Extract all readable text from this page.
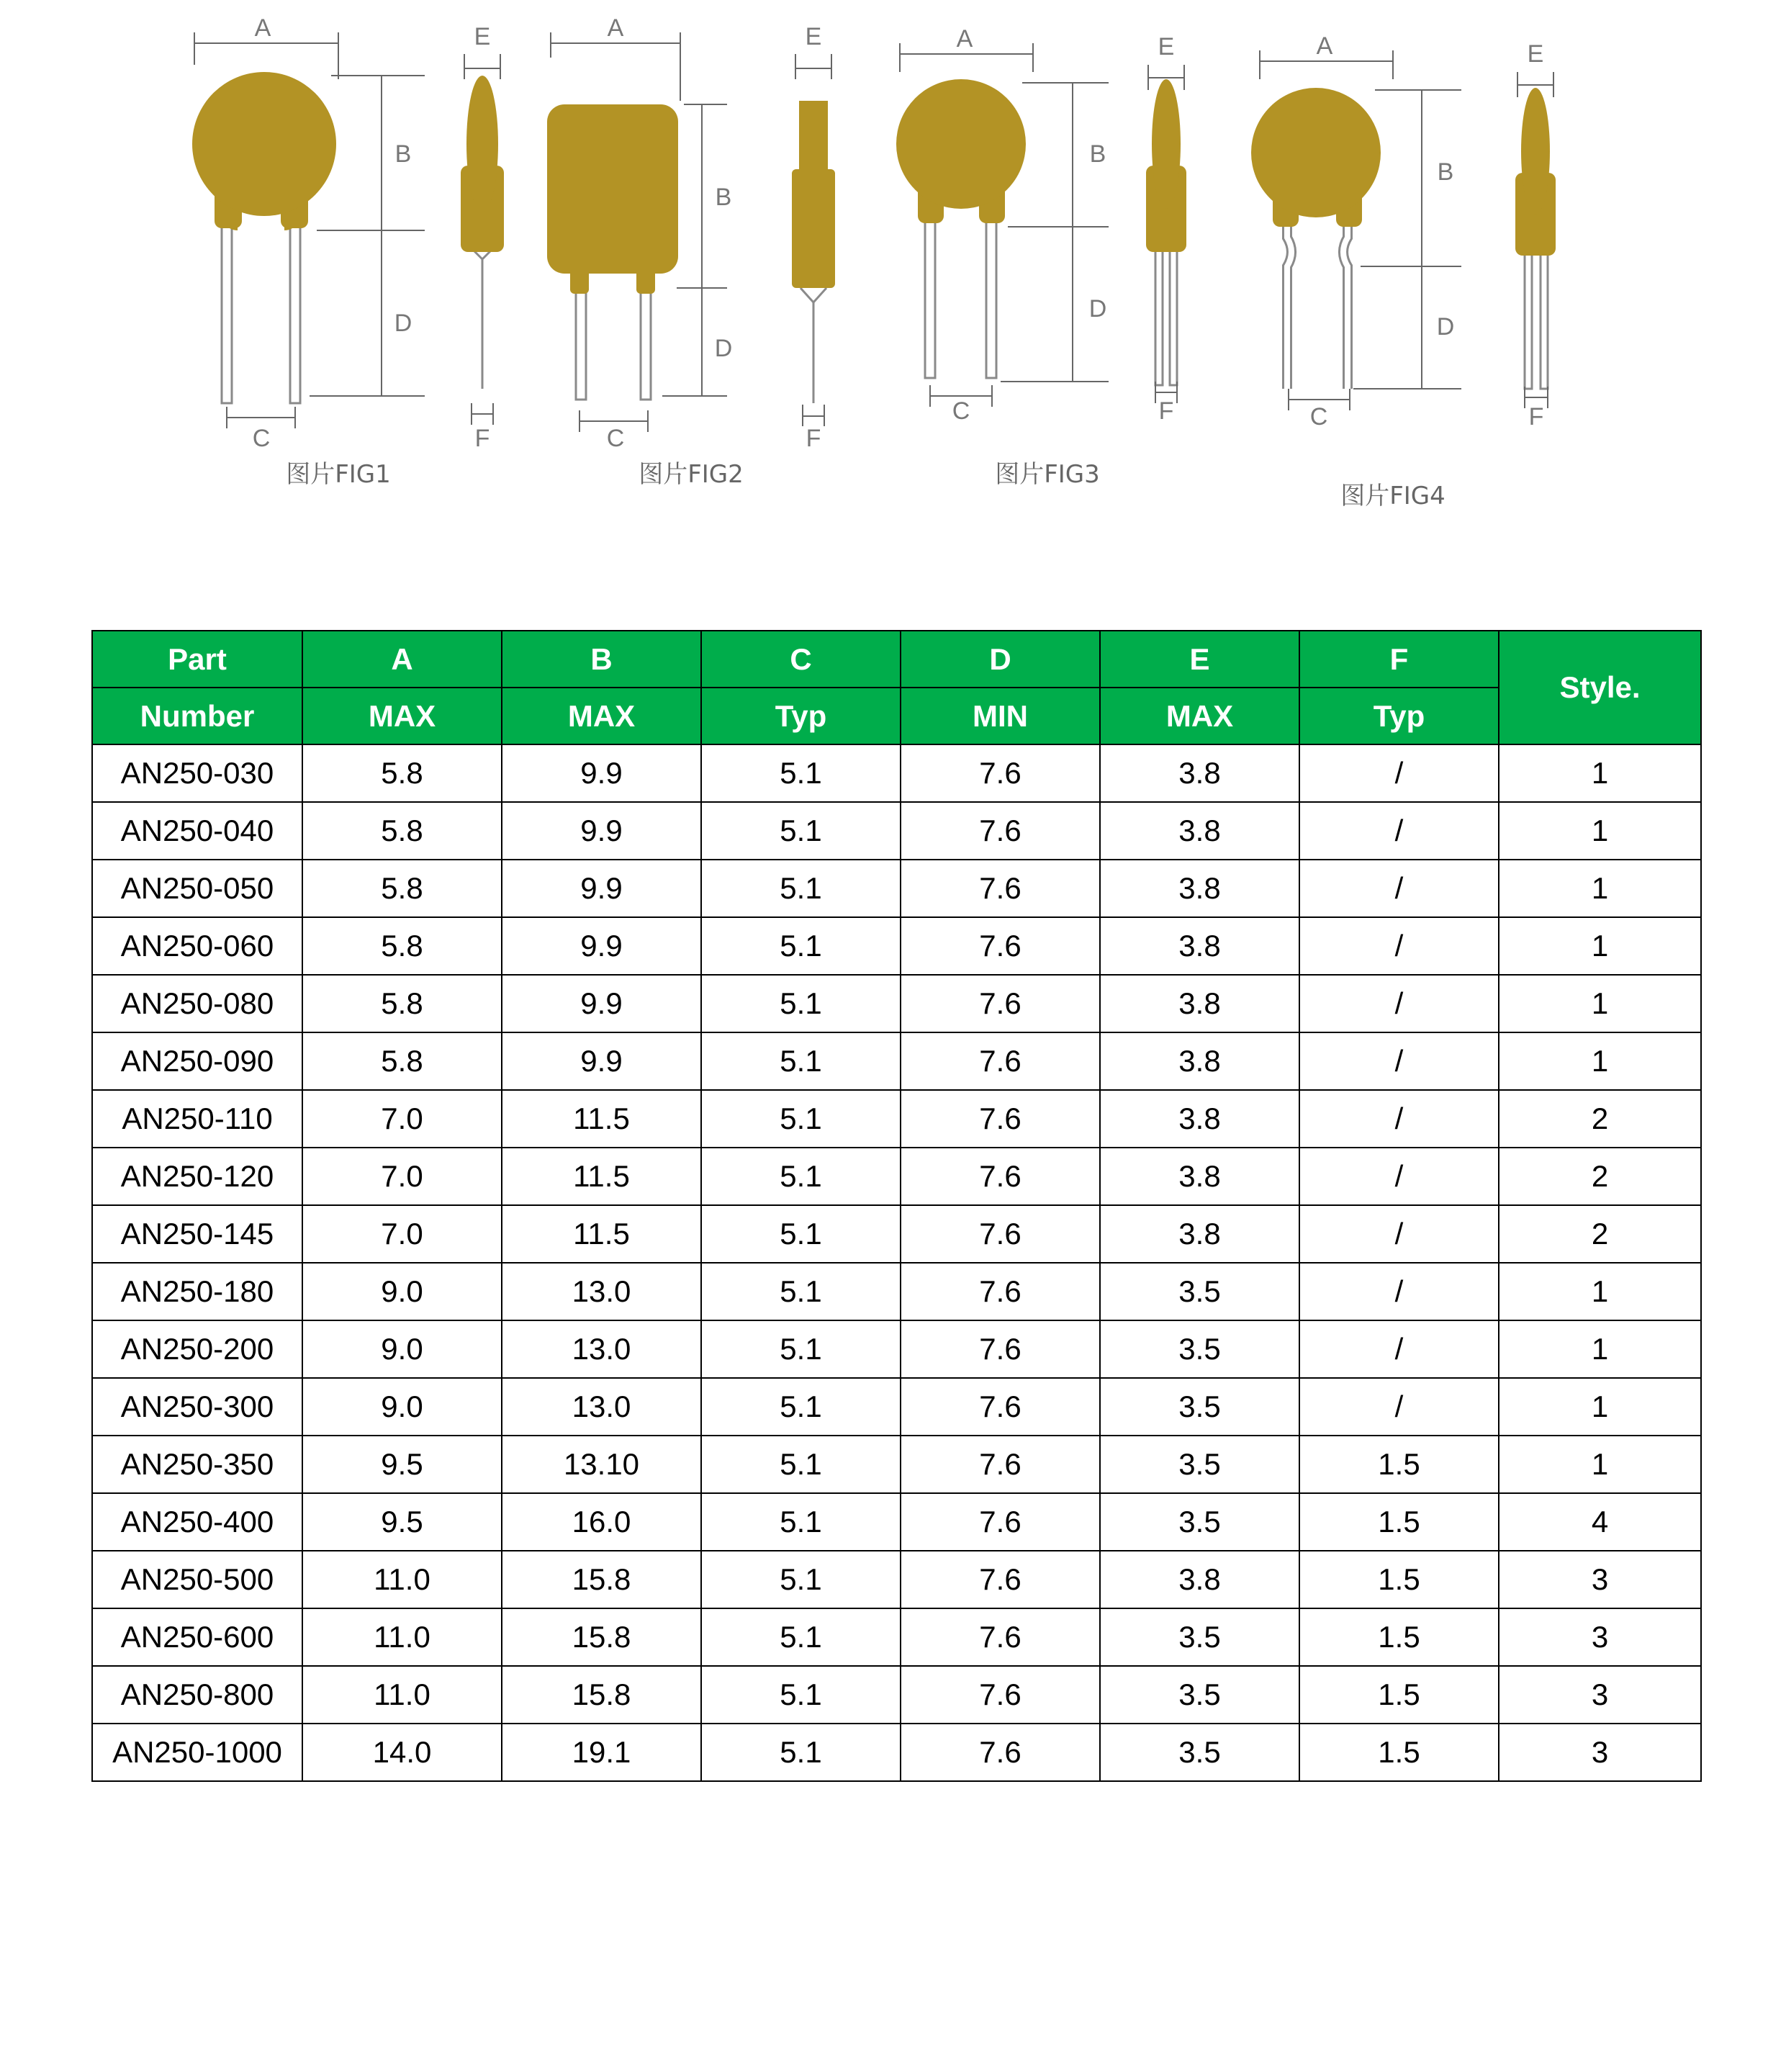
A
B
D
C
E
F
图片FIG1
A
B
D
C
E
F
图片FIG2
A
B
D
C
E
F
图片FIG3
A
B
D
C
E
F
图片FIG4
Part	A	B	C	D	E	F	Style.
Number	MAX	MAX	Typ	MIN	MAX	Typ	
AN250-030	5.8	9.9	5.1	7.6	3.8	/	1
AN250-040	5.8	9.9	5.1	7.6	3.8	/	1
AN250-050	5.8	9.9	5.1	7.6	3.8	/	1
AN250-060	5.8	9.9	5.1	7.6	3.8	/	1
AN250-080	5.8	9.9	5.1	7.6	3.8	/	1
AN250-090	5.8	9.9	5.1	7.6	3.8	/	1
AN250-110	7.0	11.5	5.1	7.6	3.8	/	2
AN250-120	7.0	11.5	5.1	7.6	3.8	/	2
AN250-145	7.0	11.5	5.1	7.6	3.8	/	2
AN250-180	9.0	13.0	5.1	7.6	3.5	/	1
AN250-200	9.0	13.0	5.1	7.6	3.5	/	1
AN250-300	9.0	13.0	5.1	7.6	3.5	/	1
AN250-350	9.5	13.10	5.1	7.6	3.5	1.5	1
AN250-400	9.5	16.0	5.1	7.6	3.5	1.5	4
AN250-500	11.0	15.8	5.1	7.6	3.8	1.5	3
AN250-600	11.0	15.8	5.1	7.6	3.5	1.5	3
AN250-800	11.0	15.8	5.1	7.6	3.5	1.5	3
AN250-1000	14.0	19.1	5.1	7.6	3.5	1.5	3
